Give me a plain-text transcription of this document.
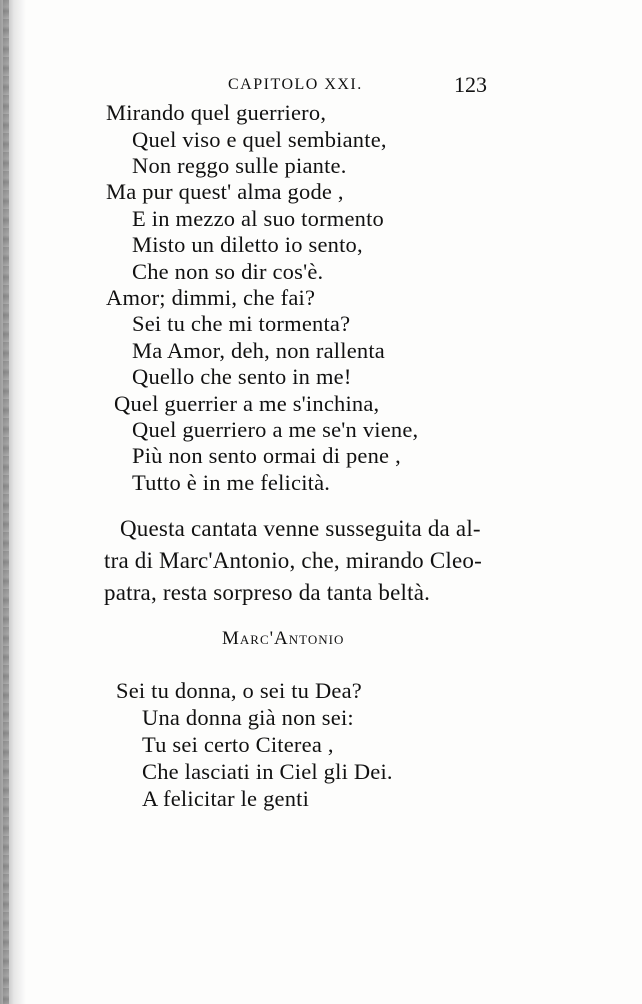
CAPITOLO XXI.	123
Mirando quel guerriero,
Quel viso e quel sembiante,
Non reggo sulle piante.
Ma pur quest' alma gode ,
E in mezzo al suo tormento
Misto un diletto io sento,
Che non so dir cos'è.
Amor; dimmi, che fai?
Sei tu che mi tormenta?
Ma Amor, deh, non rallenta
Quello che sento in me!
Quel guerrier a me s'inchina,
Quel guerriero a me se'n viene,
Più non sento ormai di pene ,
Tutto è in me felicità.
Questa cantata venne susseguita da al-
tra di Marc'Antonio, che, mirando Cleo-
patra, resta sorpreso da tanta beltà.
Marc'Antonio
Sei tu donna, o sei tu Dea?
Una donna già non sei:
Tu sei certo Citerea ,
Che lasciati in Ciel gli Dei.
A felicitar le genti
